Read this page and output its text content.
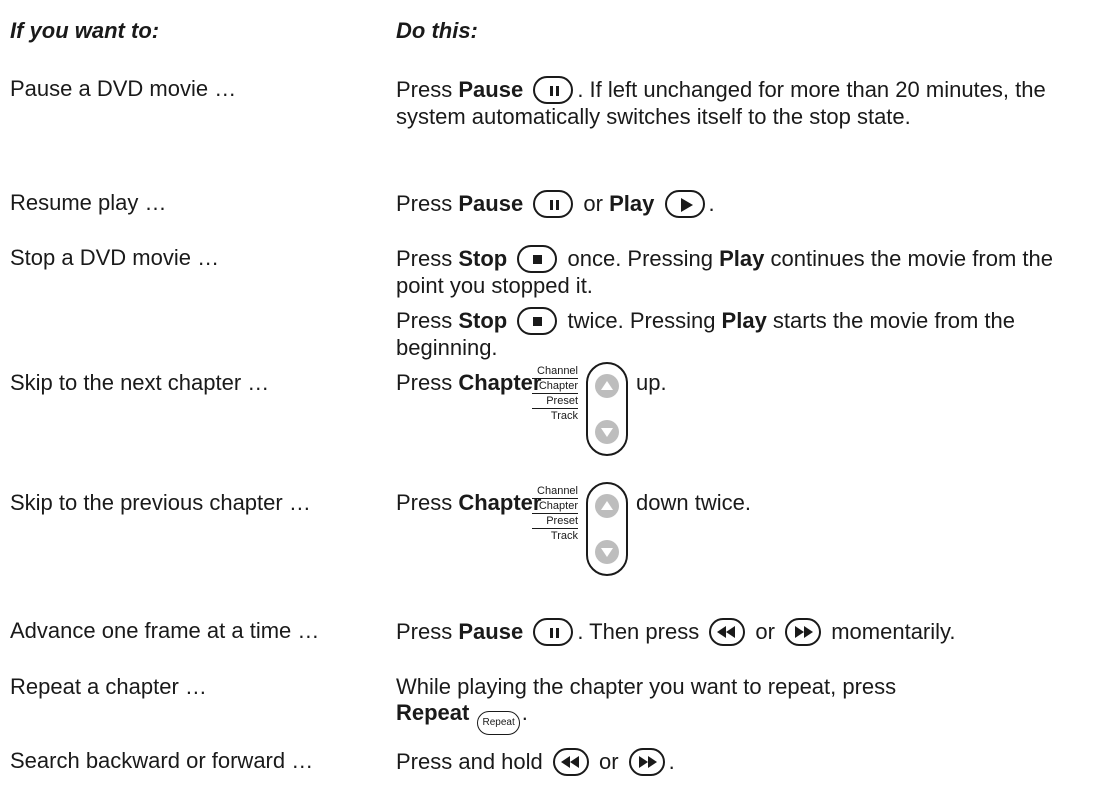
If you want to:	Do this:
Pause a DVD movie …	Press Pause . If left unchanged for more than 20 minutes, the system automatically switches itself to the stop state.
Resume play …	Press Pause
or Play .
Stop a DVD movie …	Press Stop
once. Pressing Play continues the movie from the point you stopped it.
Press Stop
twice. Pressing Play starts the movie from the beginning.
Skip to the next chapter …	Press Chapter
Channel
Chapter
Preset
Track
up.
Skip to the previous chapter …	Press Chapter
Channel
Chapter
Preset
Track
down twice.
Advance one frame at a time …	Press Pause . Then press
or
momentarily.
Repeat a chapter …	While playing the chapter you want to repeat, press
Repeat Repeat .
Search backward or forward …	Press and hold
or
.
